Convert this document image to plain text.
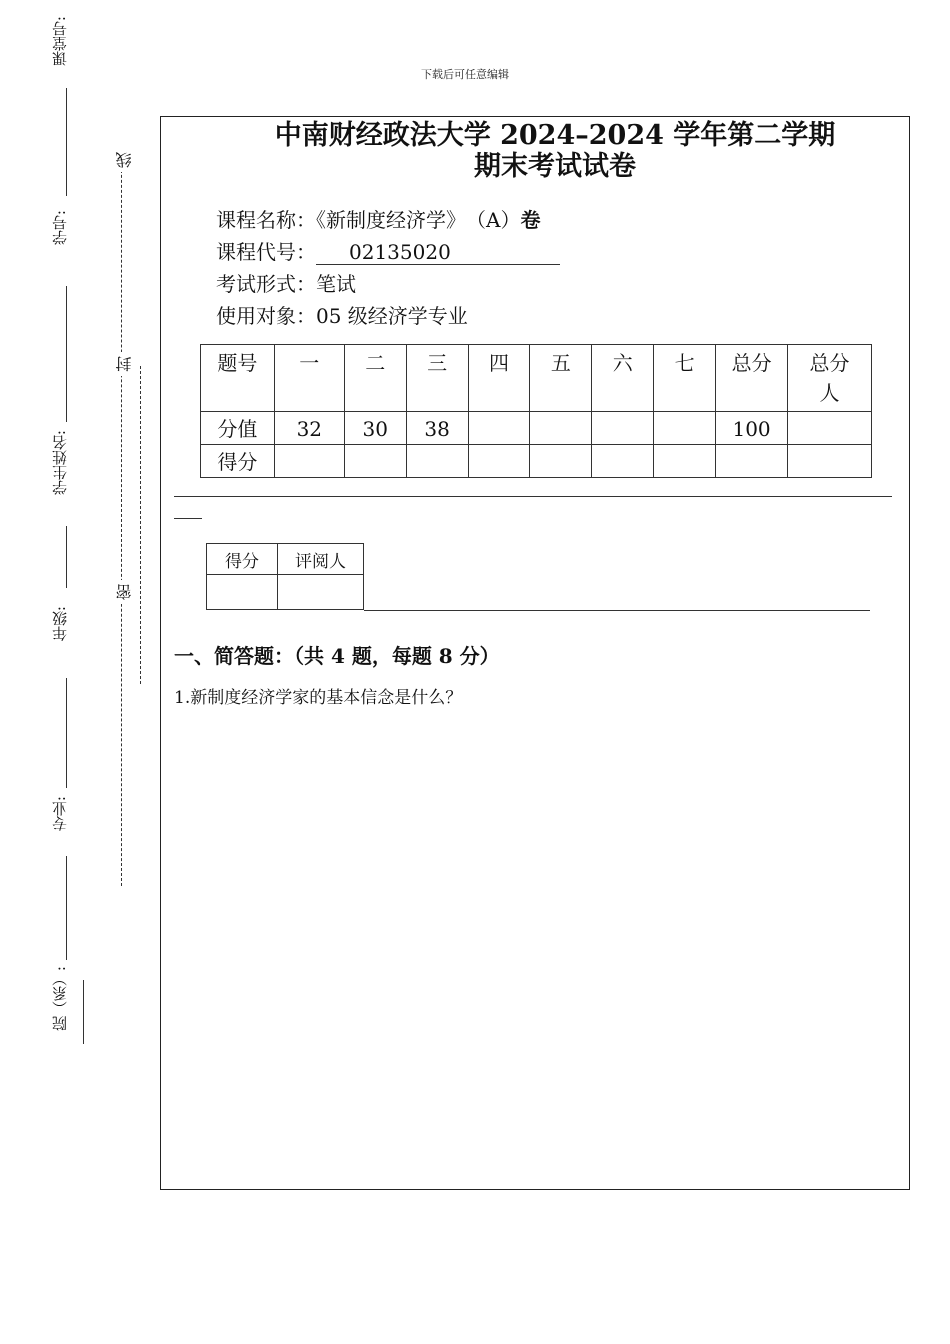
下载后可任意编辑
课堂号:
学号:
学生姓名:
年级:
专业:
院（系）:
线
封
密
中南财经政法大学 2024–2024 学年第二学期
期末考试试卷
课程名称：《新制度经济学》 （A）卷
课程代号： 02135020
考试形式：笔试
使用对象：05 级经济学专业
题号	一	二	三	四	五	六	七	总分	总分人
分值	32	30	38					100	
得分									
得分	评阅人

一、简答题：（共 4 题，每题 8 分）
1.新制度经济学家的基本信念是什么？
